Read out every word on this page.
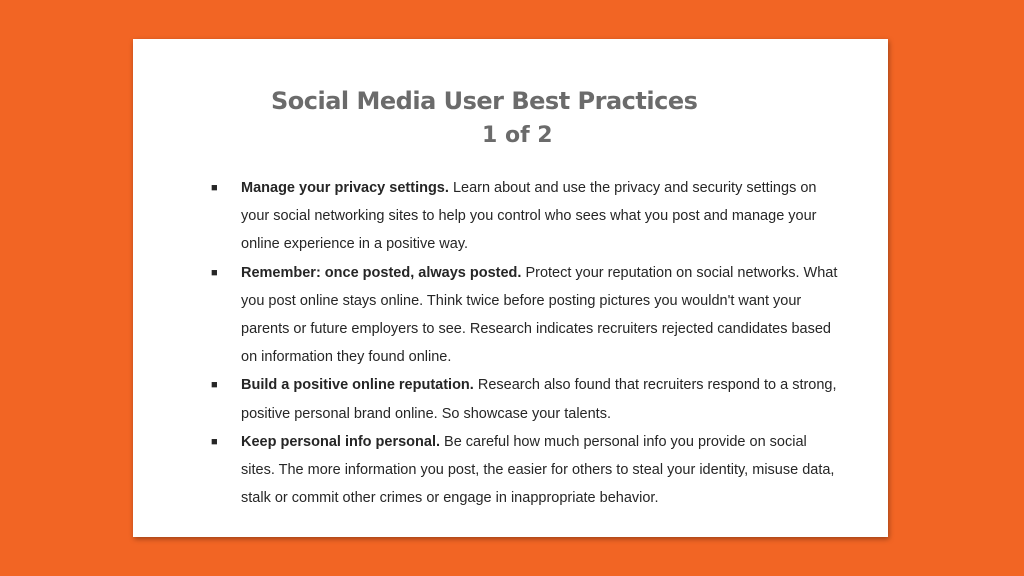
Social Media User Best Practices
1 of 2
■ Manage your privacy settings. Learn about and use the privacy and security settings on your social networking sites to help you control who sees what you post and manage your online experience in a positive way.
■ Remember: once posted, always posted. Protect your reputation on social networks. What you post online stays online. Think twice before posting pictures you wouldn't want your parents or future employers to see. Research indicates recruiters rejected candidates based on information they found online.
■ Build a positive online reputation. Research also found that recruiters respond to a strong, positive personal brand online. So showcase your talents.
■ Keep personal info personal. Be careful how much personal info you provide on social sites. The more information you post, the easier for others to steal your identity, misuse data, stalk or commit other crimes or engage in inappropriate behavior.
